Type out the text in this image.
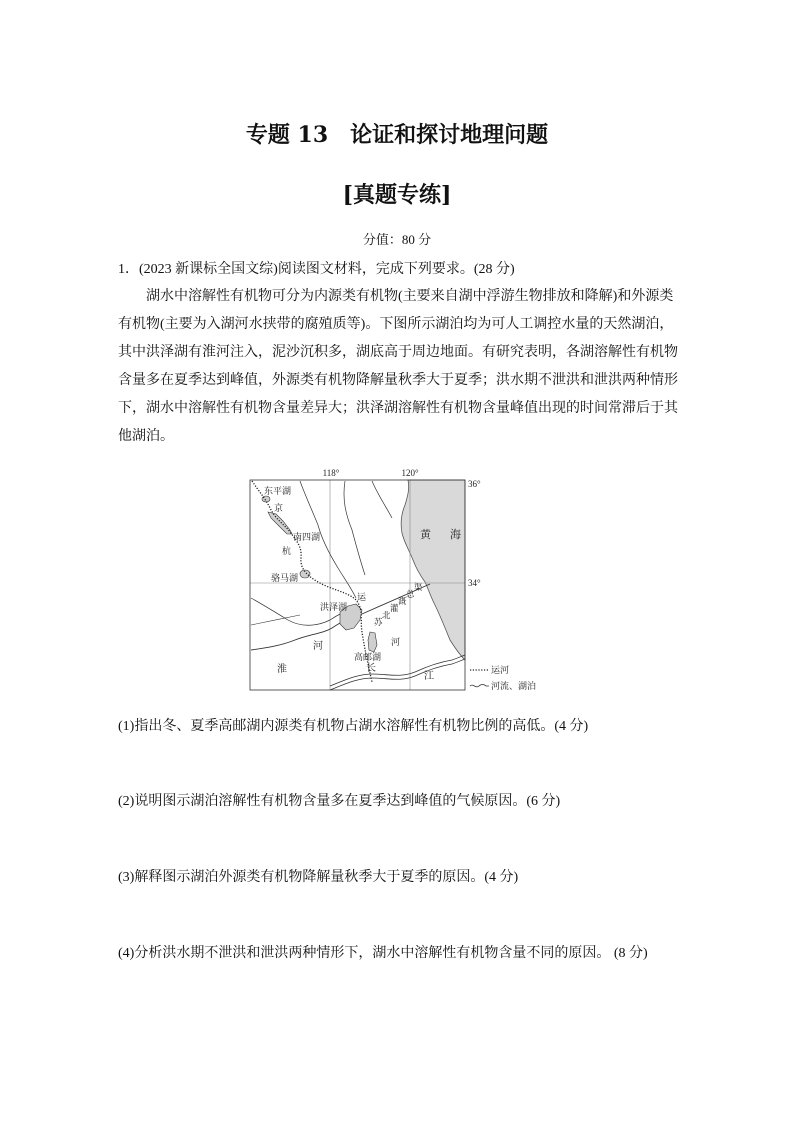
专题 13　论证和探讨地理问题
[真题专练]
分值：80 分
1．(2023 新课标全国文综)阅读图文材料，完成下列要求。(28 分)
湖水中溶解性有机物可分为内源类有机物(主要来自湖中浮游生物排放和降解)和外源类
有机物(主要为入湖河水挟带的腐殖质等)。下图所示湖泊均为可人工调控水量的天然湖泊，
其中洪泽湖有淮河注入，泥沙沉积多，湖底高于周边地面。有研究表明，各湖溶解性有机物
含量多在夏季达到峰值，外源类有机物降解量秋季大于夏季；洪水期不泄洪和泄洪两种情形
下，湖水中溶解性有机物含量差异大；洪泽湖溶解性有机物含量峰值出现的时间常滞后于其
他湖泊。
118°	120°
36°
34°
东平湖
京
南四湖
杭
骆马湖
运
洪泽湖
苏北灌溉总渠
河
高邮湖
淮
河
长
江
黄 海
运河
河流、湖泊
(1)指出冬、夏季高邮湖内源类有机物占湖水溶解性有机物比例的高低。(4 分)
(2)说明图示湖泊溶解性有机物含量多在夏季达到峰值的气候原因。(6 分)
(3)解释图示湖泊外源类有机物降解量秋季大于夏季的原因。(4 分)
(4)分析洪水期不泄洪和泄洪两种情形下，湖水中溶解性有机物含量不同的原因。 (8 分)
